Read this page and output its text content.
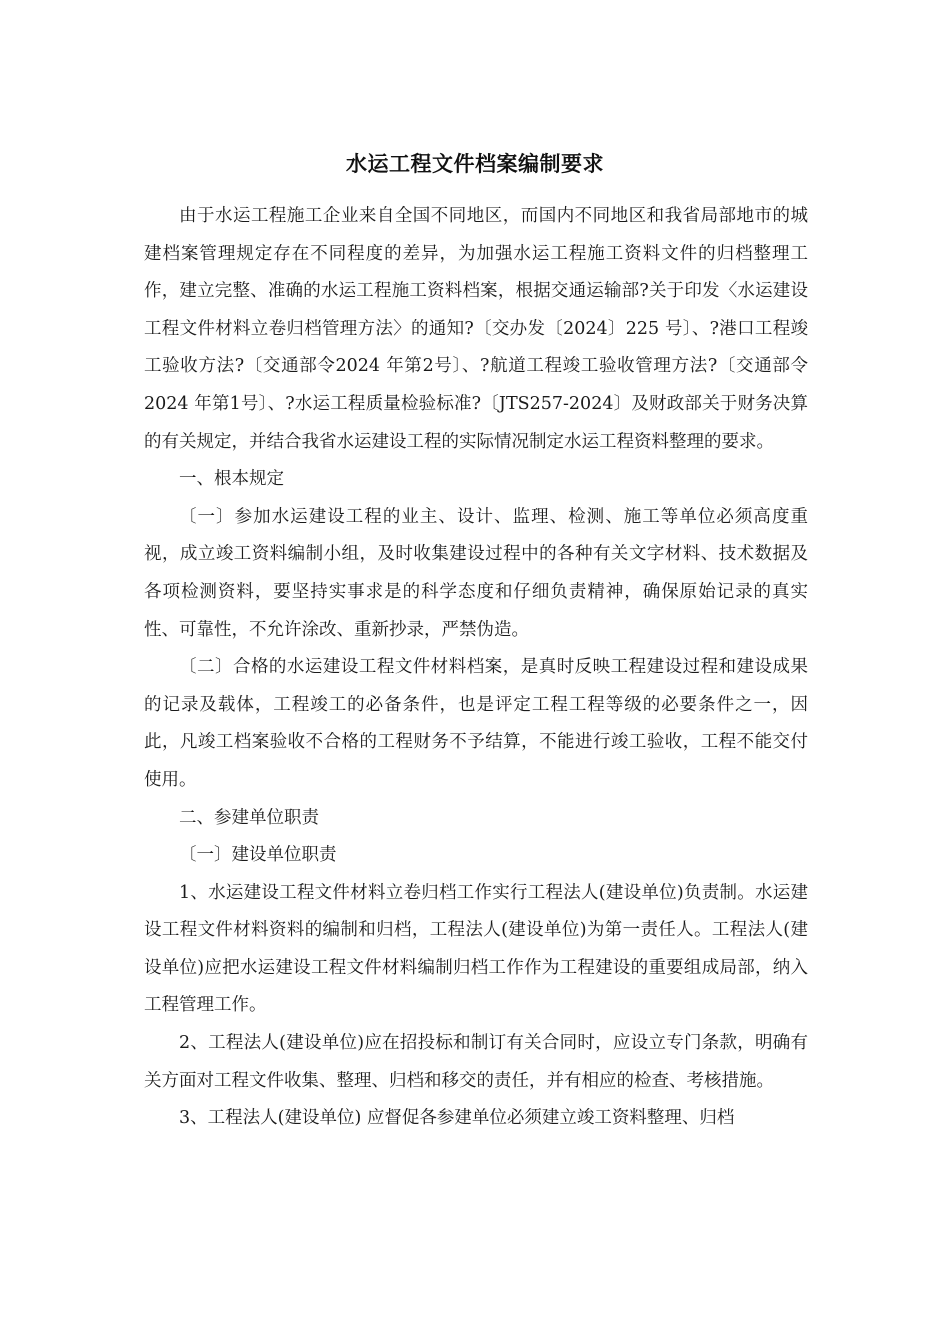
水运工程文件档案编制要求

由于水运工程施工企业来自全国不同地区，而国内不同地区和我省局部地市的城建档案管理规定存在不同程度的差异，为加强水运工程施工资料文件的归档整理工作，建立完整、准确的水运工程施工资料档案，根据交通运输部?关于印发〈水运建设工程文件材料立卷归档管理方法〉的通知?〔交办发〔2024〕225 号〕、?港口工程竣工验收方法?〔交通部令2024 年第2号〕、?航道工程竣工验收管理方法?〔交通部令2024 年第1号〕、?水运工程质量检验标准?〔JTS257-2024〕及财政部关于财务决算的有关规定，并结合我省水运建设工程的实际情况制定水运工程资料整理的要求。

一、根本规定

〔一〕参加水运建设工程的业主、设计、监理、检测、施工等单位必须高度重视，成立竣工资料编制小组，及时收集建设过程中的各种有关文字材料、技术数据及各项检测资料，要坚持实事求是的科学态度和仔细负责精神，确保原始记录的真实性、可靠性，不允许涂改、重新抄录，严禁伪造。

〔二〕合格的水运建设工程文件材料档案，是真时反映工程建设过程和建设成果的记录及载体，工程竣工的必备条件，也是评定工程工程等级的必要条件之一，因此，凡竣工档案验收不合格的工程财务不予结算，不能进行竣工验收，工程不能交付使用。

二、参建单位职责

〔一〕建设单位职责

1、水运建设工程文件材料立卷归档工作实行工程法人(建设单位)负责制。水运建设工程文件材料资料的编制和归档，工程法人(建设单位)为第一责任人。工程法人(建设单位)应把水运建设工程文件材料编制归档工作作为工程建设的重要组成局部，纳入工程管理工作。

2、工程法人(建设单位)应在招投标和制订有关合同时，应设立专门条款，明确有关方面对工程文件收集、整理、归档和移交的责任，并有相应的检查、考核措施。

3、工程法人(建设单位) 应督促各参建单位必须建立竣工资料整理、归档
